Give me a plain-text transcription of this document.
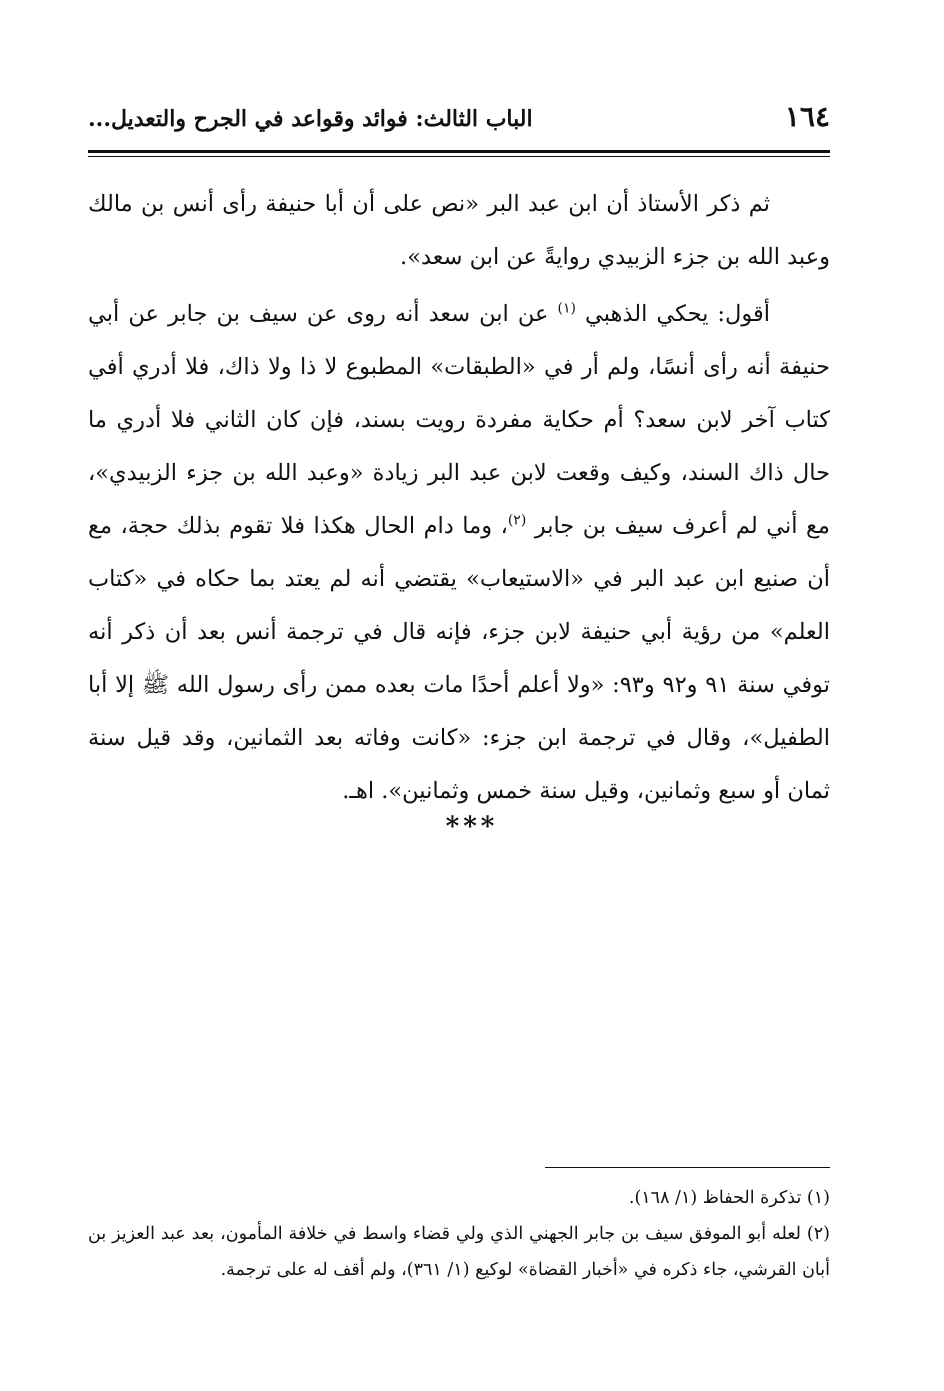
١٦٤
الباب الثالث: فوائد وقواعد في الجرح والتعديل...

ثم ذكر الأستاذ أن ابن عبد البر «نص على أن أبا حنيفة رأى أنس بن مالك وعبد الله بن جزء الزبيدي روايةً عن ابن سعد».

أقول: يحكي الذهبي $^{(١)}$ عن ابن سعد أنه روى عن سيف بن جابر عن أبي حنيفة أنه رأى أنسًا، ولم أر في «الطبقات» المطبوع لا ذا ولا ذاك، فلا أدري أفي كتاب آخر لابن سعد؟ أم حكاية مفردة رويت بسند، فإن كان الثاني فلا أدري ما حال ذاك السند، وكيف وقعت لابن عبد البر زيادة «وعبد الله بن جزء الزبيدي»، مع أني لم أعرف سيف بن جابر $^{(٢)}$، وما دام الحال هكذا فلا تقوم بذلك حجة، مع أن صنيع ابن عبد البر في «الاستيعاب» يقتضي أنه لم يعتد بما حكاه في «كتاب العلم» من رؤية أبي حنيفة لابن جزء، فإنه قال في ترجمة أنس بعد أن ذكر أنه توفي سنة ٩١ و٩٢ و٩٣: «ولا أعلم أحدًا مات بعده ممن رأى رسول الله ﷺ إلا أبا الطفيل»، وقال في ترجمة ابن جزء: «كانت وفاته بعد الثمانين، وقد قيل سنة ثمان أو سبع وثمانين، وقيل سنة خمس وثمانين». اهـ.

***

(١) تذكرة الحفاظ (١/ ١٦٨).

(٢) لعله أبو الموفق سيف بن جابر الجهني الذي ولي قضاء واسط في خلافة المأمون، بعد عبد العزيز بن أبان القرشي، جاء ذكره في «أخبار القضاة» لوكيع (١/ ٣٦١)، ولم أقف له على ترجمة.
